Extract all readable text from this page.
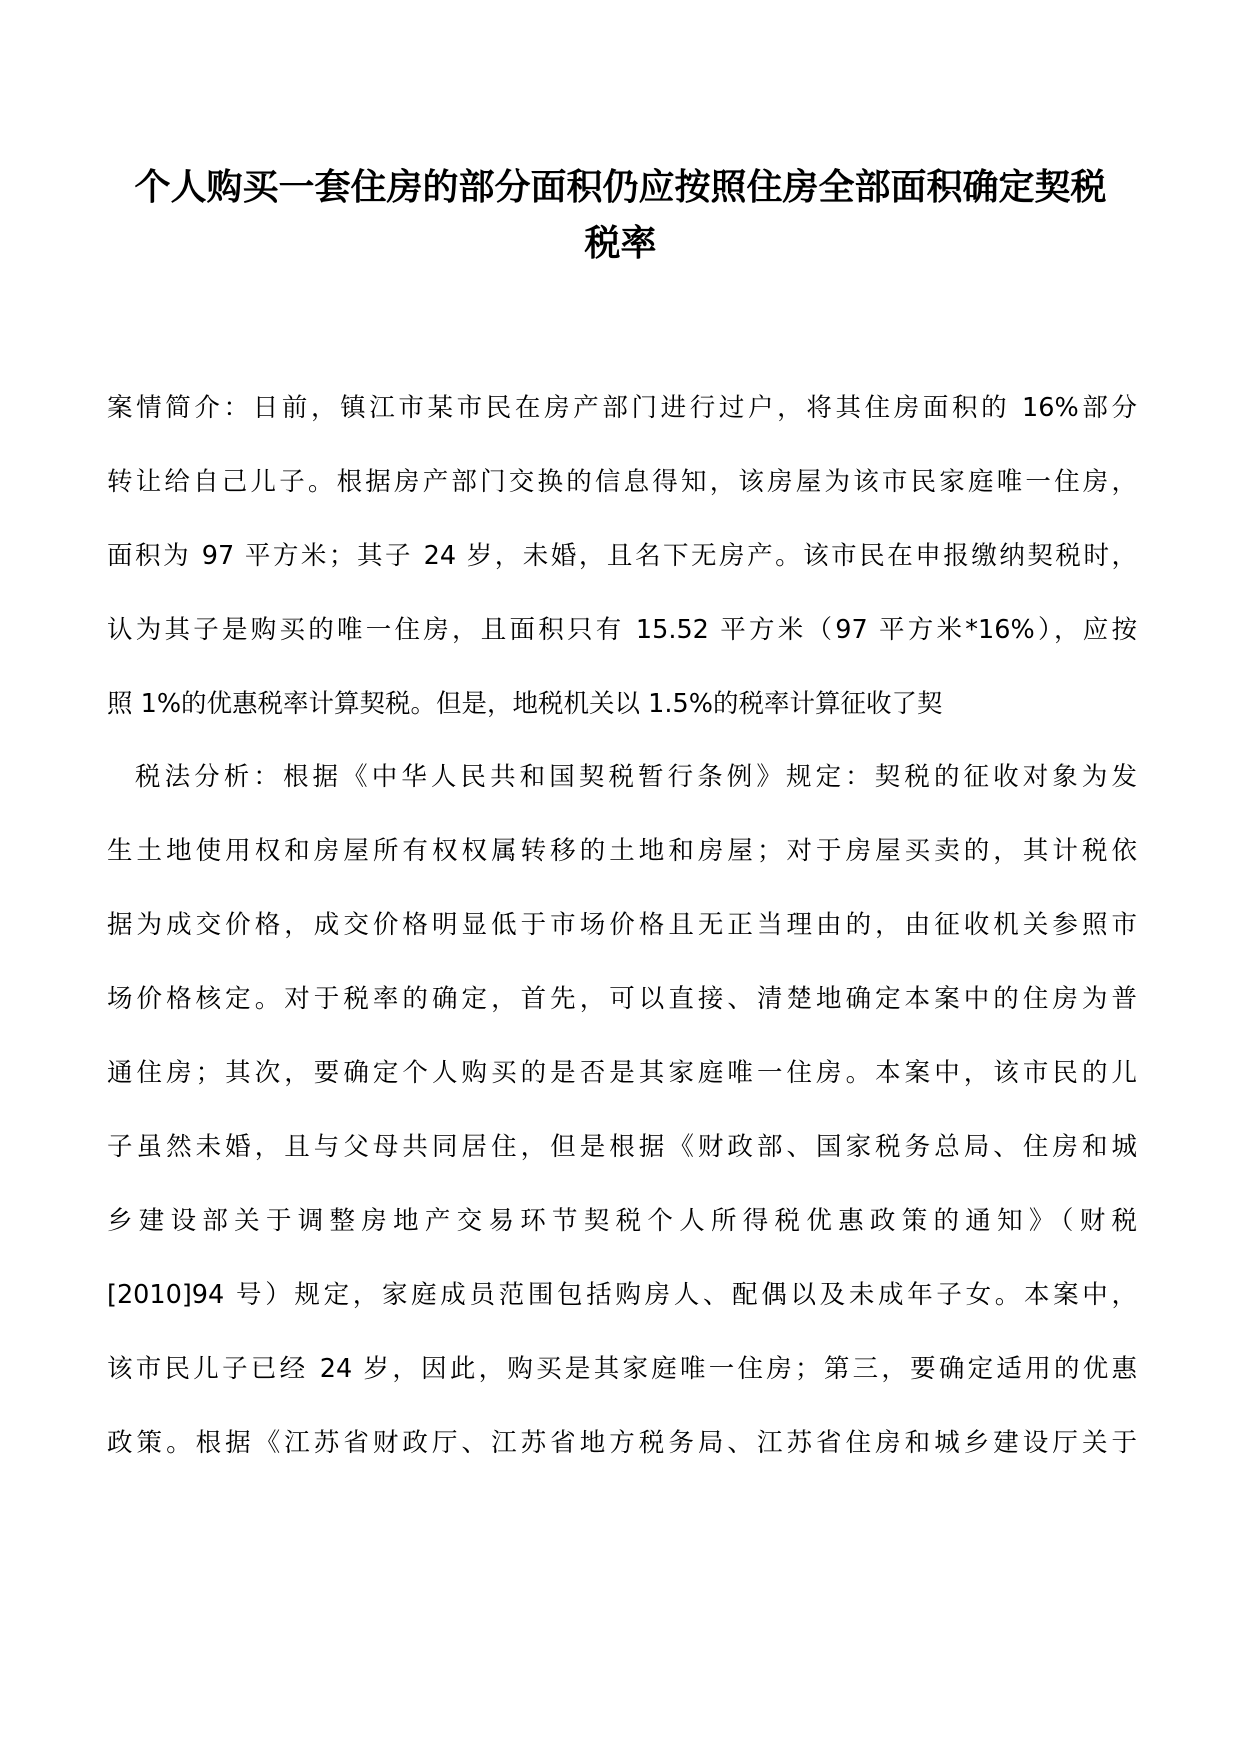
个人购买一套住房的部分面积仍应按照住房全部面积确定契税
税率
案情简介：日前，镇江市某市民在房产部门进行过户，将其住房面积的 16%部分
转让给自己儿子。根据房产部门交换的信息得知，该房屋为该市民家庭唯一住房，
面积为 97 平方米；其子 24 岁，未婚，且名下无房产。该市民在申报缴纳契税时，
认为其子是购买的唯一住房，且面积只有 15.52 平方米（97 平方米*16%），应按
照 1%的优惠税率计算契税。但是，地税机关以 1.5%的税率计算征收了契
税法分析：根据《中华人民共和国契税暂行条例》规定：契税的征收对象为发
生土地使用权和房屋所有权权属转移的土地和房屋；对于房屋买卖的，其计税依
据为成交价格，成交价格明显低于市场价格且无正当理由的，由征收机关参照市
场价格核定。对于税率的确定，首先，可以直接、清楚地确定本案中的住房为普
通住房；其次，要确定个人购买的是否是其家庭唯一住房。本案中，该市民的儿
子虽然未婚，且与父母共同居住，但是根据《财政部、国家税务总局、住房和城
乡建设部关于调整房地产交易环节契税个人所得税优惠政策的通知》（财税
[2010]94 号）规定，家庭成员范围包括购房人、配偶以及未成年子女。本案中，
该市民儿子已经 24 岁，因此，购买是其家庭唯一住房；第三，要确定适用的优惠
政策。根据《江苏省财政厅、江苏省地方税务局、江苏省住房和城乡建设厅关于
